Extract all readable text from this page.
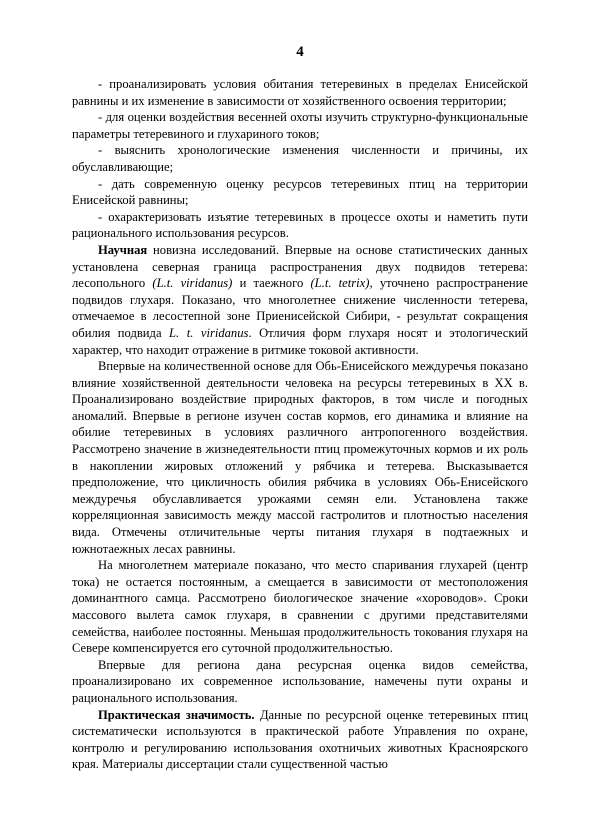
4

- проанализировать условия обитания тетеревиных в пределах Енисейской равнины и их изменение в зависимости от хозяйственного освоения территории;

- для оценки воздействия весенней охоты изучить структурно-функциональные параметры тетеревиного и глухариного токов;

- выяснить хронологические изменения численности и причины, их обуславливающие;

- дать современную оценку ресурсов тетеревиных птиц на территории Енисейской равнины;

- охарактеризовать изъятие тетеревиных в процессе охоты и наметить пути рационального использования ресурсов.

Научная новизна исследований. Впервые на основе статистических данных установлена северная граница распространения двух подвидов тетерева: лесопольного (L.t. viridanus) и таежного (L.t. tetrix), уточнено распространение подвидов глухаря. Показано, что многолетнее снижение численности тетерева, отмечаемое в лесостепной зоне Приенисейской Сибири, - результат сокращения обилия подвида L. t. viridanus. Отличия форм глухаря носят и этологический характер, что находит отражение в ритмике токовой активности.

Впервые на количественной основе для Обь-Енисейского междуречья показано влияние хозяйственной деятельности человека на ресурсы тетеревиных в ХХ в. Проанализировано воздействие природных факторов, в том числе и погодных аномалий. Впервые в регионе изучен состав кормов, его динамика и влияние на обилие тетеревиных в условиях различного антропогенного воздействия. Рассмотрено значение в жизнедеятельности птиц промежуточных кормов и их роль в накоплении жировых отложений у рябчика и тетерева. Высказывается предположение, что цикличность обилия рябчика в условиях Обь-Енисейского междуречья обуславливается урожаями семян ели. Установлена также корреляционная зависимость между массой гастролитов и плотностью населения вида. Отмечены отличительные черты питания глухаря в подтаежных и южнотаежных лесах равнины.

На многолетнем материале показано, что место спаривания глухарей (центр тока) не остается постоянным, а смещается в зависимости от местоположения доминантного самца. Рассмотрено биологическое значение «хороводов». Сроки массового вылета самок глухаря, в сравнении с другими представителями семейства, наиболее постоянны. Меньшая продолжительность токования глухаря на Севере компенсируется его суточной продолжительностью.

Впервые для региона дана ресурсная оценка видов семейства, проанализировано их современное использование, намечены пути охраны и рационального использования.

Практическая значимость. Данные по ресурсной оценке тетеревиных птиц систематически используются в практической работе Управления по охране, контролю и регулированию использования охотничьих животных Красноярского края. Материалы диссертации стали существенной частью
